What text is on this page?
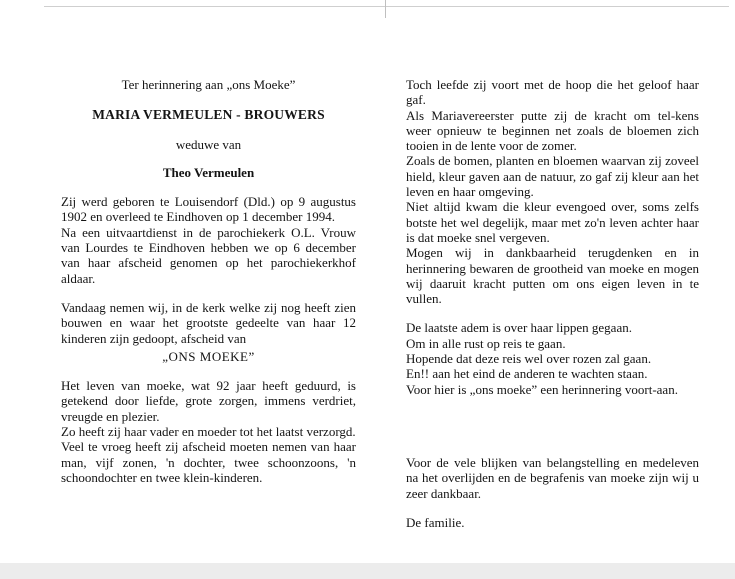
Ter herinnering aan „ons Moeke”
MARIA VERMEULEN - BROUWERS
weduwe van
Theo Vermeulen

Zij werd geboren te Louisendorf (Dld.) op 9 augustus 1902 en overleed te Eindhoven op 1 december 1994.

Na een uitvaartdienst in de parochiekerk O.L. Vrouw van Lourdes te Eindhoven hebben we op 6 december van haar afscheid genomen op het parochiekerkhof aldaar.

Vandaag nemen wij, in de kerk welke zij nog heeft zien bouwen en waar het grootste gedeelte van haar 12 kinderen zijn gedoopt, afscheid van

„ONS MOEKE”

Het leven van moeke, wat 92 jaar heeft geduurd, is getekend door liefde, grote zorgen, immens verdriet, vreugde en plezier.

Zo heeft zij haar vader en moeder tot het laatst verzorgd.

Veel te vroeg heeft zij afscheid moeten nemen van haar man, vijf zonen, 'n dochter, twee schoonzoons, 'n schoondochter en twee klein-kinderen.

Toch leefde zij voort met de hoop die het geloof haar gaf.

Als Mariavereerster putte zij de kracht om tel-kens weer opnieuw te beginnen net zoals de bloemen zich tooien in de lente voor de zomer.

Zoals de bomen, planten en bloemen waarvan zij zoveel hield, kleur gaven aan de natuur, zo gaf zij kleur aan het leven en haar omgeving.

Niet altijd kwam die kleur evengoed over, soms zelfs botste het wel degelijk, maar met zo'n leven achter haar is dat moeke snel vergeven.

Mogen wij in dankbaarheid terugdenken en in herinnering bewaren de grootheid van moeke en mogen wij daaruit kracht putten om ons eigen leven in te vullen.

De laatste adem is over haar lippen gegaan.

Om in alle rust op reis te gaan.

Hopende dat deze reis wel over rozen zal gaan.

En!! aan het eind de anderen te wachten staan.

Voor hier is „ons moeke” een herinnering voort-aan.

Voor de vele blijken van belangstelling en medeleven na het overlijden en de begrafenis van moeke zijn wij u zeer dankbaar.

De familie.
